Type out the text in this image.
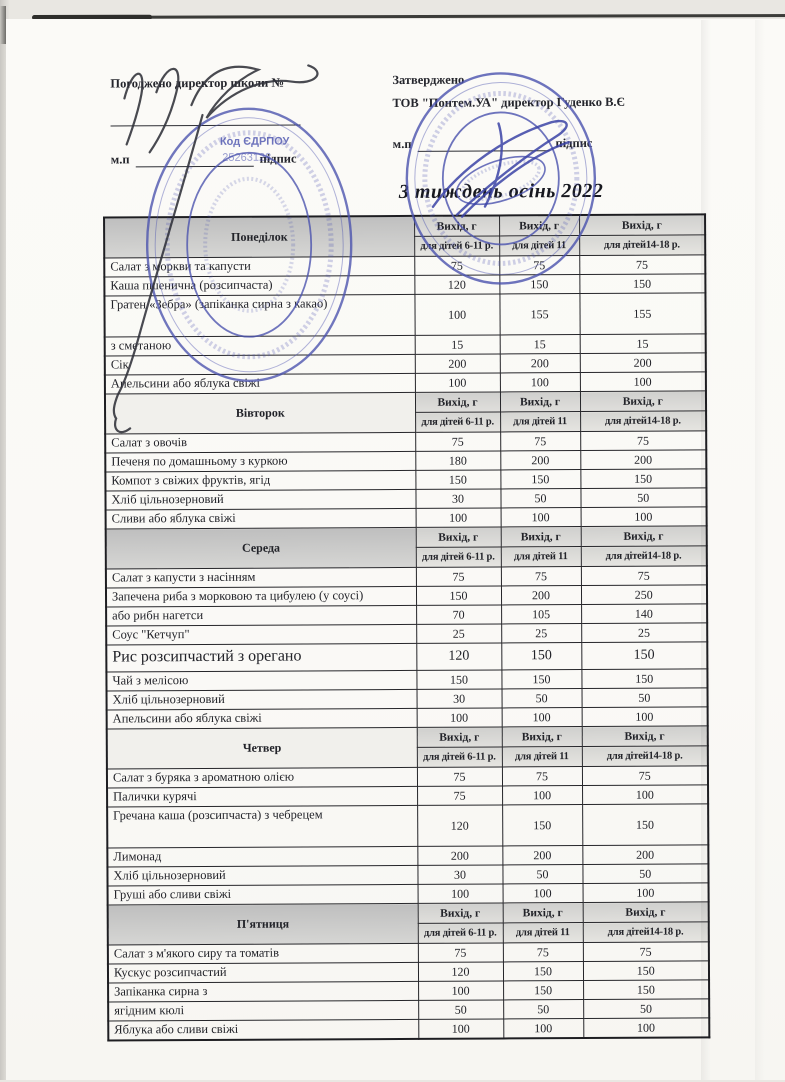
Погоджено директор школи №
м.п	підпис
Затверджено
ТОВ "Понтем.УА" директор Гуденко В.Є
м.п	підпис
3 тиждень осінь 2022
Понеділок	Вихід, г	Вихід, г	Вихід, г
	для дітей 6-11 р.	для дітей 11	для дітей14-18 р.
Салат з моркви та капусти	75	75	75
Каша пшенична (розсипчаста)	120	150	150
Гратен «Зебра» (запіканка сирна з какао)	100	155	155
з сметаною	15	15	15
Сік	200	200	200
Апельсини або яблука свіжі	100	100	100
Вівторок	Вихід, г	Вихід, г	Вихід, г
	для дітей 6-11 р.	для дітей 11	для дітей14-18 р.
Салат з овочів	75	75	75
Печеня по домашньому з куркою	180	200	200
Компот з свіжих фруктів, ягід	150	150	150
Хліб цільнозерновий	30	50	50
Сливи або яблука свіжі	100	100	100
Середа	Вихід, г	Вихід, г	Вихід, г
	для дітей 6-11 р.	для дітей 11	для дітей14-18 р.
Салат з капусти з насінням	75	75	75
Запечена риба з морковою та цибулею (у соусі)	150	200	250
або рибн нагетси	70	105	140
Соус "Кетчуп"	25	25	25
Рис розсипчастий з орегано	120	150	150
Чай з мелісою	150	150	150
Хліб цільнозерновий	30	50	50
Апельсини або яблука свіжі	100	100	100
Четвер	Вихід, г	Вихід, г	Вихід, г
	для дітей 6-11 р.	для дітей 11	для дітей14-18 р.
Салат з буряка з ароматною олією	75	75	75
Палички курячі	75	100	100
Гречана каша (розсипчаста) з чебрецем	120	150	150
Лимонад	200	200	200
Хліб цільнозерновий	30	50	50
Груші або сливи свіжі	100	100	100
П'ятниця	Вихід, г	Вихід, г	Вихід, г
	для дітей 6-11 р.	для дітей 11	для дітей14-18 р.
Салат з м'якого сиру та томатів	75	75	75
Кускус розсипчастий	120	150	150
Запіканка сирна з	100	150	150
ягідним кюлі	50	50	50
Яблука або сливи свіжі	100	100	100
Код ЄДРПОУ
25263128
